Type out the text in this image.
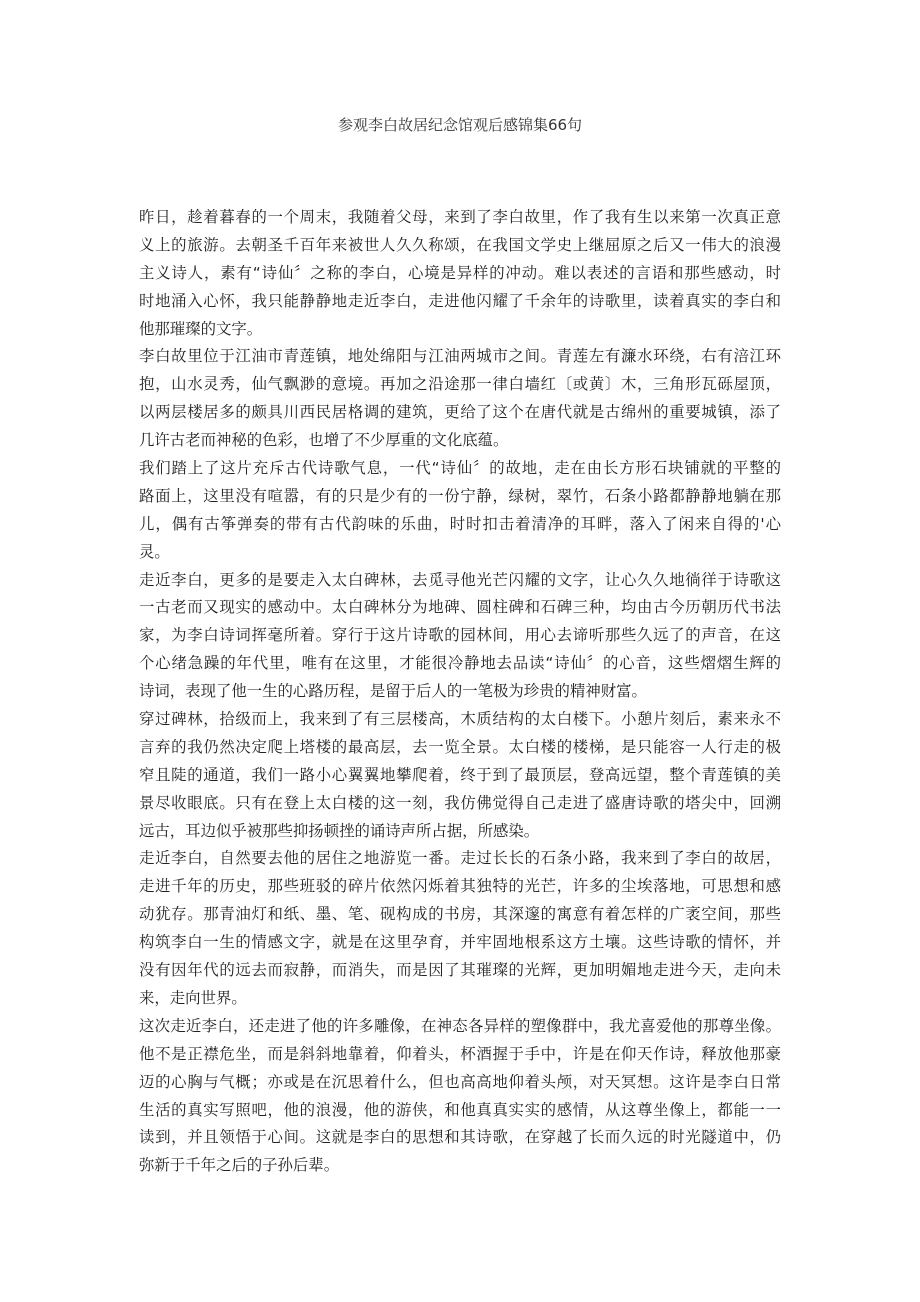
参观李白故居纪念馆观后感锦集66句
昨日，趁着暮春的一个周末，我随着父母，来到了李白故里，作了我有生以来第一次真正意
义上的旅游。去朝圣千百年来被世人久久称颂，在我国文学史上继屈原之后又一伟大的浪漫
主义诗人，素有“诗仙〞之称的李白，心境是异样的冲动。难以表述的言语和那些感动，时
时地涌入心怀，我只能静静地走近李白，走进他闪耀了千余年的诗歌里，读着真实的李白和
他那璀璨的文字。
李白故里位于江油市青莲镇，地处绵阳与江油两城市之间。青莲左有濂水环绕，右有涪江环
抱，山水灵秀，仙气飘渺的意境。再加之沿途那一律白墙红〔或黄〕木，三角形瓦砾屋顶，
以两层楼居多的颇具川西民居格调的建筑，更给了这个在唐代就是古绵州的重要城镇，添了
几许古老而神秘的色彩，也增了不少厚重的文化底蕴。
我们踏上了这片充斥古代诗歌气息，一代“诗仙〞的故地，走在由长方形石块铺就的平整的
路面上，这里没有喧嚣，有的只是少有的一份宁静，绿树，翠竹，石条小路都静静地躺在那
儿，偶有古筝弹奏的带有古代韵味的乐曲，时时扣击着清净的耳畔，落入了闲来自得的'心
灵。
走近李白，更多的是要走入太白碑林，去觅寻他光芒闪耀的文字，让心久久地徜徉于诗歌这
一古老而又现实的感动中。太白碑林分为地碑、圆柱碑和石碑三种，均由古今历朝历代书法
家，为李白诗词挥毫所着。穿行于这片诗歌的园林间，用心去谛听那些久远了的声音，在这
个心绪急躁的年代里，唯有在这里，才能很冷静地去品读“诗仙〞的心音，这些熠熠生辉的
诗词，表现了他一生的心路历程，是留于后人的一笔极为珍贵的精神财富。
穿过碑林，拾级而上，我来到了有三层楼高，木质结构的太白楼下。小憩片刻后，素来永不
言弃的我仍然决定爬上塔楼的最高层，去一览全景。太白楼的楼梯，是只能容一人行走的极
窄且陡的通道，我们一路小心翼翼地攀爬着，终于到了最顶层，登高远望，整个青莲镇的美
景尽收眼底。只有在登上太白楼的这一刻，我仿佛觉得自己走进了盛唐诗歌的塔尖中，回溯
远古，耳边似乎被那些抑扬顿挫的诵诗声所占据，所感染。
走近李白，自然要去他的居住之地游览一番。走过长长的石条小路，我来到了李白的故居，
走进千年的历史，那些班驳的碎片依然闪烁着其独特的光芒，许多的尘埃落地，可思想和感
动犹存。那青油灯和纸、墨、笔、砚构成的书房，其深邃的寓意有着怎样的广袤空间，那些
构筑李白一生的情感文字，就是在这里孕育，并牢固地根系这方土壤。这些诗歌的情怀，并
没有因年代的远去而寂静，而消失，而是因了其璀璨的光辉，更加明媚地走进今天，走向未
来，走向世界。
这次走近李白，还走进了他的许多雕像，在神态各异样的塑像群中，我尤喜爱他的那尊坐像。
他不是正襟危坐，而是斜斜地靠着，仰着头，杯酒握于手中，许是在仰天作诗，释放他那豪
迈的心胸与气概；亦或是在沉思着什么，但也高高地仰着头颅，对天冥想。这许是李白日常
生活的真实写照吧，他的浪漫，他的游侠，和他真真实实的感情，从这尊坐像上，都能一一
读到，并且领悟于心间。这就是李白的思想和其诗歌，在穿越了长而久远的时光隧道中，仍
弥新于千年之后的子孙后辈。
